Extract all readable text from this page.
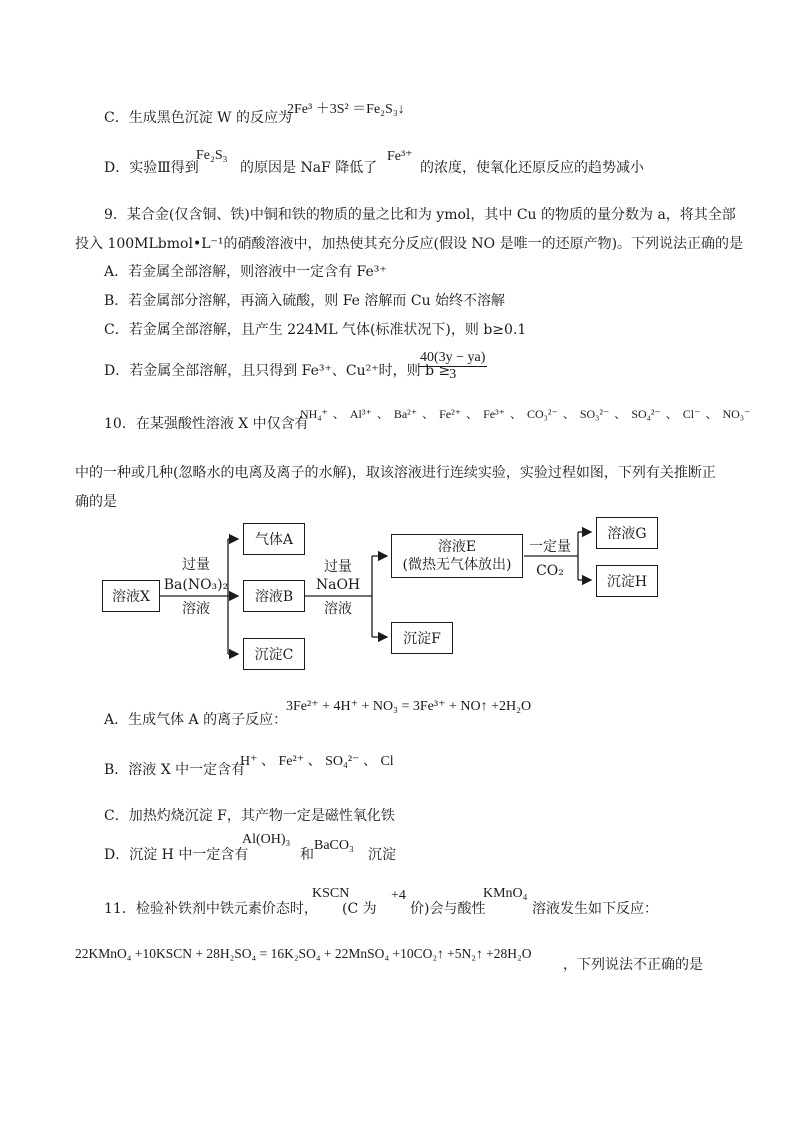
C．生成黑色沉淀 W 的反应为
2Fe³ ＋3S² ＝Fe₂S₃↓
D．实验Ⅲ得到
Fe₂S₃
的原因是 NaF 降低了
Fe³⁺
的浓度，使氧化还原反应的趋势减小
9．某合金(仅含铜、铁)中铜和铁的物质的量之比和为 ymol，其中 Cu 的物质的量分数为 a，将其全部
投入 100MLbmol•L⁻¹的硝酸溶液中，加热使其充分反应(假设 NO 是唯一的还原产物)。下列说法正确的是
A．若金属全部溶解，则溶液中一定含有 Fe³⁺
B．若金属部分溶解，再滴入硫酸，则 Fe 溶解而 Cu 始终不溶解
C．若金属全部溶解，且产生 224ML 气体(标准状况下)，则 b≥0.1
D．若金属全部溶解，且只得到 Fe³⁺、Cu²⁺时，则 b ≥
$\frac{40(3y - ya)}{3}$
10．在某强酸性溶液 X 中仅含有
NH₄⁺ 、 Al³⁺ 、 Ba²⁺ 、 Fe²⁺ 、 Fe³⁺ 、 CO₃²⁻ 、 SO₃²⁻ 、 SO₄²⁻ 、 Cl⁻ 、 NO₃⁻
中的一种或几种(忽略水的电离及离子的水解)，取该溶液进行连续实验，实验过程如图，下列有关推断正
确的是
溶液X
气体A
溶液B
沉淀C
溶液E
(微热无气体放出)
沉淀F
溶液G
沉淀H
过量
Ba(NO₃)₂
溶液
过量
NaOH
溶液
一定量
CO₂
A．生成气体 A 的离子反应：
3Fe²⁺ + 4H⁺ + NO₃ = 3Fe³⁺ + NO↑ +2H₂O
B．溶液 X 中一定含有
H⁺ 、 Fe²⁺ 、 SO₄²⁻ 、 Cl
C．加热灼烧沉淀 F，其产物一定是磁性氧化铁
D．沉淀 H 中一定含有
Al(OH)₃
和
BaCO₃
沉淀
11．检验补铁剂中铁元素价态时，
KSCN
(C 为
+4
价)会与酸性
KMnO₄
溶液发生如下反应：
22KMnO₄ +10KSCN + 28H₂SO₄ = 16K₂SO₄ + 22MnSO₄ +10CO₂↑ +5N₂↑ +28H₂O
，下列说法不正确的是
